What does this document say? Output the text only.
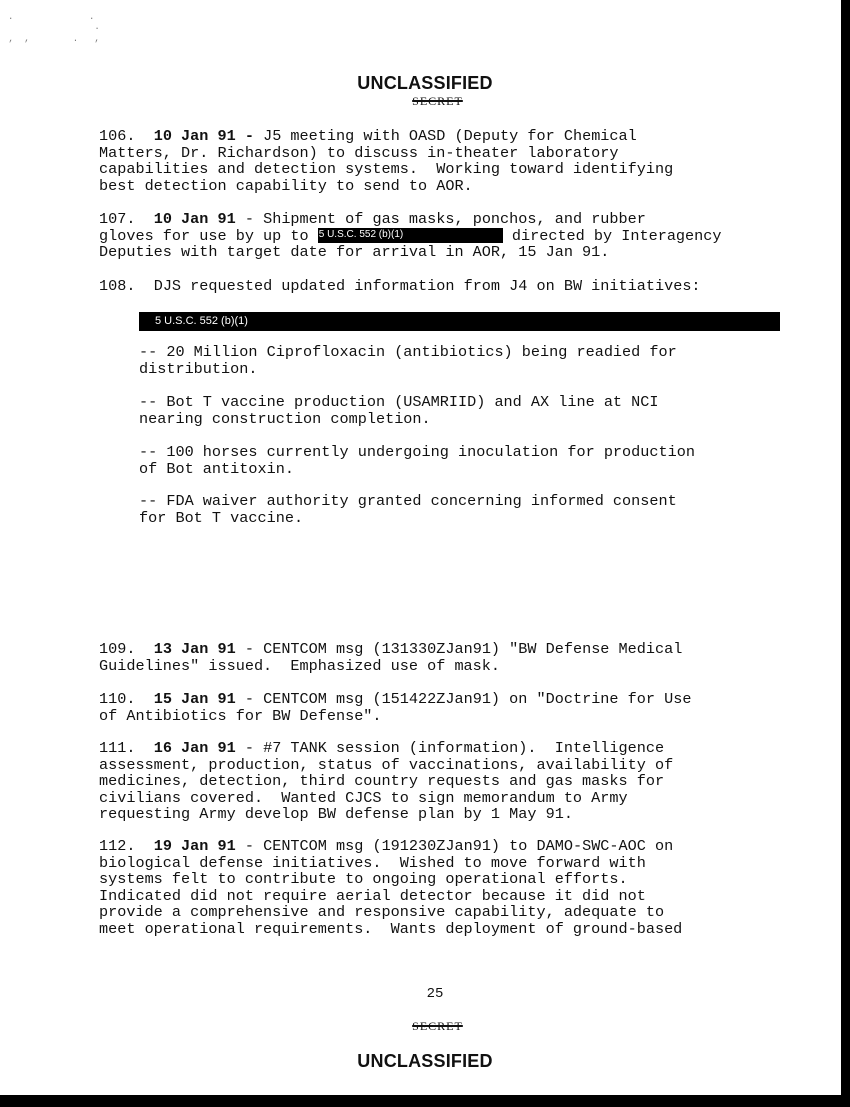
·              ·
·
‚  ,        .   ,
UNCLASSIFIED
SECRET
106. 10 Jan 91 - J5 meeting with OASD (Deputy for Chemical
Matters, Dr. Richardson) to discuss in-theater laboratory
capabilities and detection systems.  Working toward identifying
best detection capability to send to AOR.
107. 10 Jan 91 - Shipment of gas masks, ponchos, and rubber
gloves for use by up to 5 U.S.C. 552 (b)(1)	directed by Interagency
Deputies with target date for arrival in AOR, 15 Jan 91.
108. DJS requested updated information from J4 on BW initiatives:
5 U.S.C. 552 (b)(1)
-- 20 Million Ciprofloxacin (antibiotics) being readied for
distribution.
-- Bot T vaccine production (USAMRIID) and AX line at NCI
nearing construction completion.
-- 100 horses currently undergoing inoculation for production
of Bot antitoxin.
-- FDA waiver authority granted concerning informed consent
for Bot T vaccine.
109. 13 Jan 91 - CENTCOM msg (131330ZJan91) "BW Defense Medical
Guidelines" issued.  Emphasized use of mask.
110. 15 Jan 91 - CENTCOM msg (151422ZJan91) on "Doctrine for Use
of Antibiotics for BW Defense".
111. 16 Jan 91 - #7 TANK session (information).  Intelligence
assessment, production, status of vaccinations, availability of
medicines, detection, third country requests and gas masks for
civilians covered.  Wanted CJCS to sign memorandum to Army
requesting Army develop BW defense plan by 1 May 91.
112. 19 Jan 91 - CENTCOM msg (191230ZJan91) to DAMO-SWC-AOC on
biological defense initiatives.  Wished to move forward with
systems felt to contribute to ongoing operational efforts.
Indicated did not require aerial detector because it did not
provide a comprehensive and responsive capability, adequate to
meet operational requirements.  Wants deployment of ground-based
25
SECRET
UNCLASSIFIED
